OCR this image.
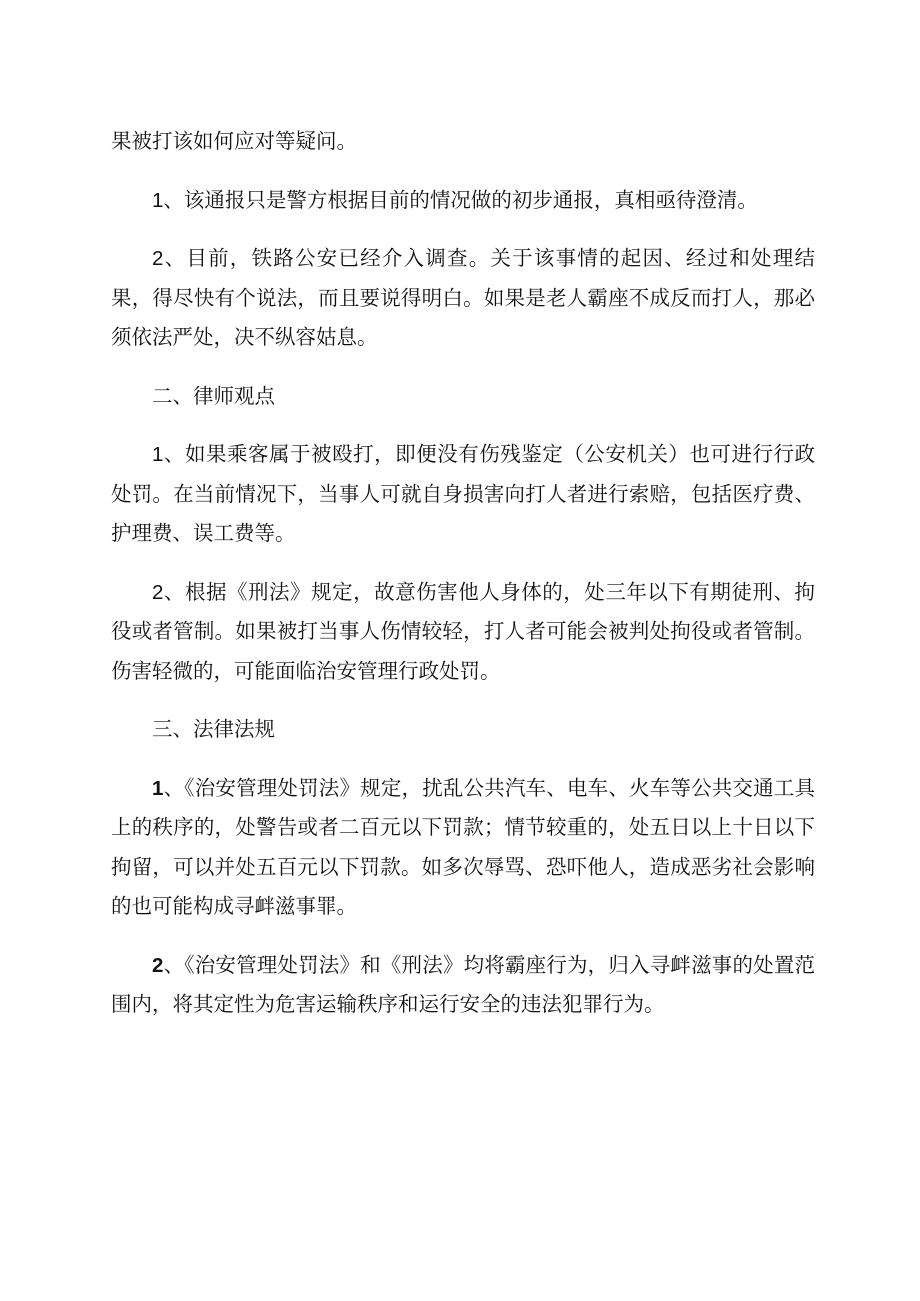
果被打该如何应对等疑问。

1、该通报只是警方根据目前的情况做的初步通报，真相亟待澄清。

2、目前，铁路公安已经介入调查。关于该事情的起因、经过和处理结果，得尽快有个说法，而且要说得明白。如果是老人霸座不成反而打人，那必须依法严处，决不纵容姑息。

二、律师观点

1、如果乘客属于被殴打，即便没有伤残鉴定（公安机关）也可进行行政处罚。在当前情况下，当事人可就自身损害向打人者进行索赔，包括医疗费、护理费、误工费等。

2、根据《刑法》规定，故意伤害他人身体的，处三年以下有期徒刑、拘役或者管制。如果被打当事人伤情较轻，打人者可能会被判处拘役或者管制。伤害轻微的，可能面临治安管理行政处罚。

三、法律法规

1、《治安管理处罚法》规定，扰乱公共汽车、电车、火车等公共交通工具上的秩序的，处警告或者二百元以下罚款；情节较重的，处五日以上十日以下拘留，可以并处五百元以下罚款。如多次辱骂、恐吓他人，造成恶劣社会影响的也可能构成寻衅滋事罪。

2、《治安管理处罚法》和《刑法》均将霸座行为，归入寻衅滋事的处置范围内，将其定性为危害运输秩序和运行安全的违法犯罪行为。
